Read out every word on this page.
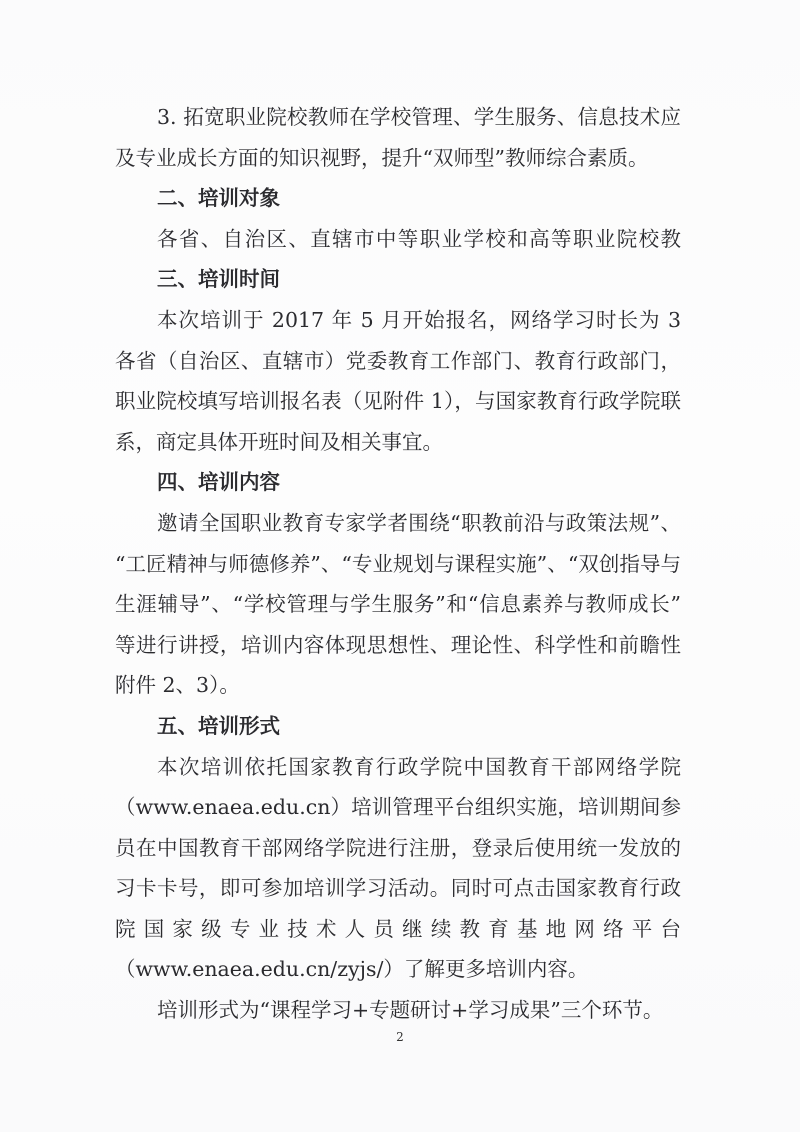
3. 拓宽职业院校教师在学校管理、学生服务、信息技术应
及专业成长方面的知识视野，提升“双师型”教师综合素质。
二、培训对象
各省、自治区、直辖市中等职业学校和高等职业院校教
三、培训时间
本次培训于 2017 年 5 月开始报名，网络学习时长为 3
各省（自治区、直辖市）党委教育工作部门、教育行政部门，
职业院校填写培训报名表（见附件 1），与国家教育行政学院联
系，商定具体开班时间及相关事宜。
四、培训内容
邀请全国职业教育专家学者围绕“职教前沿与政策法规”、
“工匠精神与师德修养”、“专业规划与课程实施”、“双创指导与
生涯辅导”、“学校管理与学生服务”和“信息素养与教师成长”
等进行讲授，培训内容体现思想性、理论性、科学性和前瞻性
附件 2、3）。
五、培训形式
本次培训依托国家教育行政学院中国教育干部网络学院
（www.enaea.edu.cn）培训管理平台组织实施，培训期间参
员在中国教育干部网络学院进行注册，登录后使用统一发放的
习卡卡号，即可参加培训学习活动。同时可点击国家教育行政
院国家级专业技术人员继续教育基地网络平台
（www.enaea.edu.cn/zyjs/）了解更多培训内容。
培训形式为“课程学习+专题研讨+学习成果”三个环节。
2
